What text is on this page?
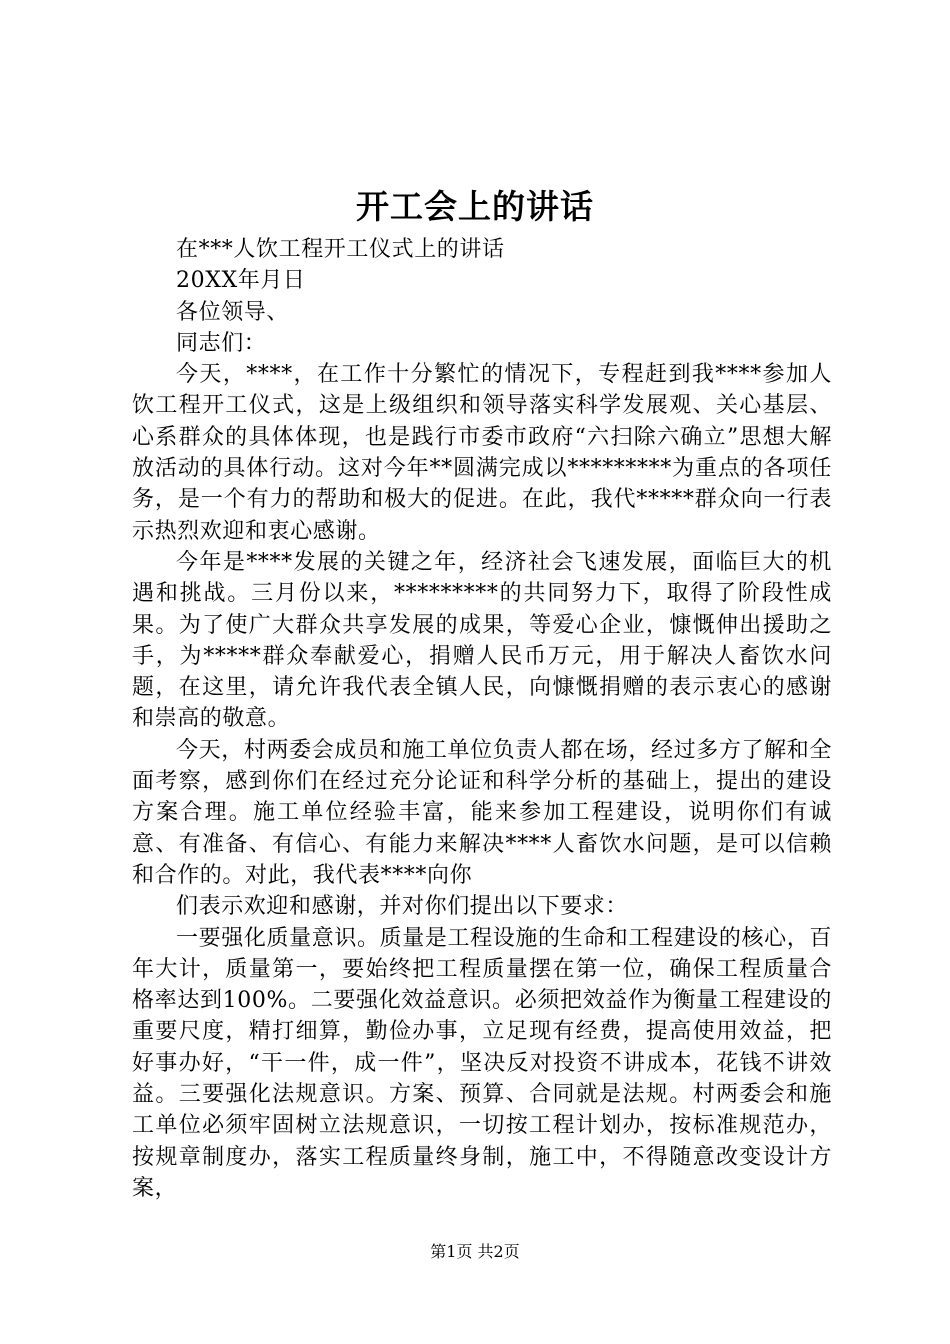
开工会上的讲话

在***人饮工程开工仪式上的讲话

20XX年月日

各位领导、

同志们：

今天，****，在工作十分繁忙的情况下，专程赶到我****参加人饮工程开工仪式，这是上级组织和领导落实科学发展观、关心基层、心系群众的具体体现，也是践行市委市政府“六扫除六确立”思想大解放活动的具体行动。这对今年**圆满完成以*********为重点的各项任务，是一个有力的帮助和极大的促进。在此，我代*****群众向一行表示热烈欢迎和衷心感谢。

今年是****发展的关键之年，经济社会飞速发展，面临巨大的机遇和挑战。三月份以来，*********的共同努力下，取得了阶段性成果。为了使广大群众共享发展的成果，等爱心企业，慷慨伸出援助之手，为*****群众奉献爱心，捐赠人民币万元，用于解决人畜饮水问题，在这里，请允许我代表全镇人民，向慷慨捐赠的表示衷心的感谢和崇高的敬意。

今天，村两委会成员和施工单位负责人都在场，经过多方了解和全面考察，感到你们在经过充分论证和科学分析的基础上，提出的建设方案合理。施工单位经验丰富，能来参加工程建设，说明你们有诚意、有准备、有信心、有能力来解决****人畜饮水问题，是可以信赖和合作的。对此，我代表****向你

们表示欢迎和感谢，并对你们提出以下要求：

一要强化质量意识。质量是工程设施的生命和工程建设的核心，百年大计，质量第一，要始终把工程质量摆在第一位，确保工程质量合格率达到100%。二要强化效益意识。必须把效益作为衡量工程建设的重要尺度，精打细算，勤俭办事，立足现有经费，提高使用效益，把好事办好，“干一件，成一件”，坚决反对投资不讲成本，花钱不讲效益。三要强化法规意识。方案、预算、合同就是法规。村两委会和施工单位必须牢固树立法规意识，一切按工程计划办，按标准规范办，按规章制度办，落实工程质量终身制，施工中，不得随意改变设计方案，

第1页 共2页
